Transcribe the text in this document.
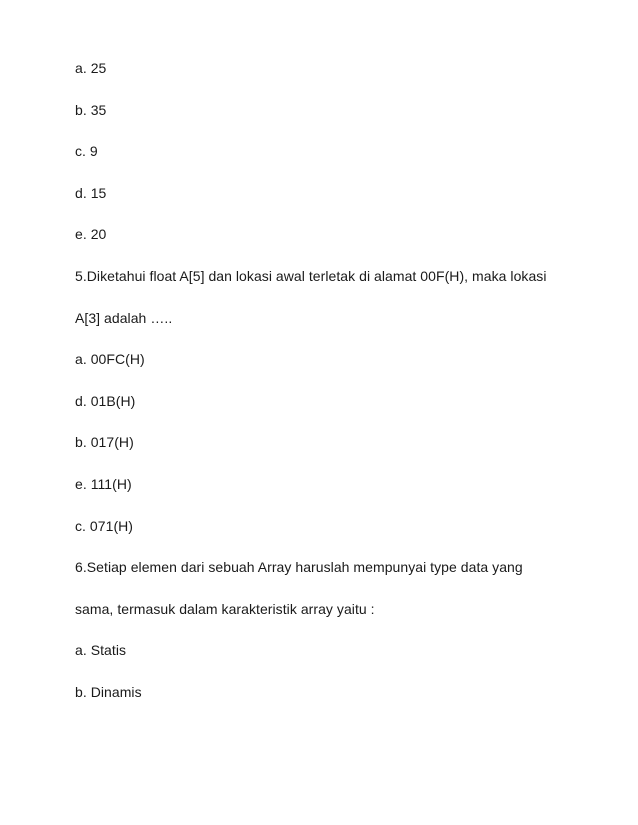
a. 25
b. 35
c. 9
d. 15
e. 20
5.Diketahui float A[5] dan lokasi awal terletak di alamat 00F(H), maka lokasi
A[3] adalah …..
a. 00FC(H)
d. 01B(H)
b. 017(H)
e. 111(H)
c. 071(H)
6.Setiap elemen dari sebuah Array haruslah mempunyai type data yang
sama, termasuk dalam karakteristik array yaitu :
a. Statis
b. Dinamis
